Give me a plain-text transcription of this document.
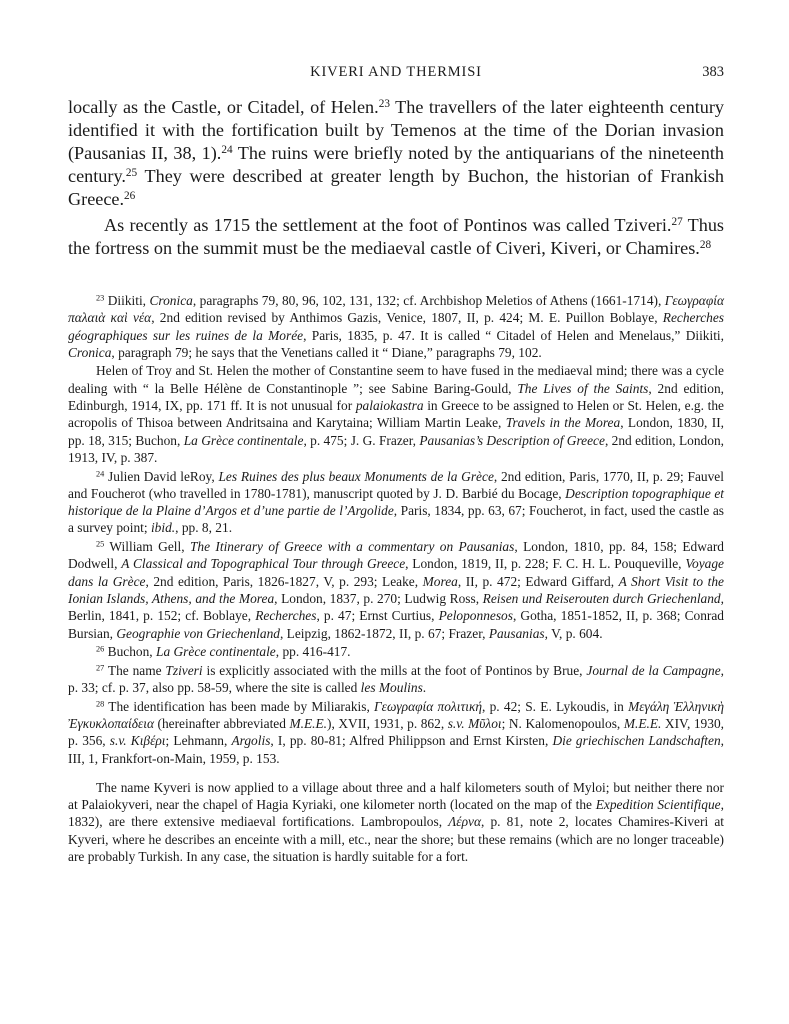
KIVERI AND THERMISI	383

locally as the Castle, or Citadel, of Helen.$^{23}$ The travellers of the later eighteenth century identified it with the fortification built by Temenos at the time of the Dorian invasion (Pausanias II, 38, 1).$^{24}$ The ruins were briefly noted by the antiquarians of the nineteenth century.$^{25}$ They were described at greater length by Buchon, the historian of Frankish Greece.$^{26}$

As recently as 1715 the settlement at the foot of Pontinos was called Tziveri.$^{27}$ Thus the fortress on the summit must be the mediaeval castle of Civeri, Kiveri, or Chamires.$^{28}$

$^{23}$ Diikiti, Cronica, paragraphs 79, 80, 96, 102, 131, 132; cf. Archbishop Meletios of Athens (1661-1714), Γεωγραφία παλαιὰ καὶ νέα, 2nd edition revised by Anthimos Gazis, Venice, 1807, II, p. 424; M. E. Puillon Boblaye, Recherches géographiques sur les ruines de la Morée, Paris, 1835, p. 47. It is called “ Citadel of Helen and Menelaus,” Diikiti, Cronica, paragraph 79; he says that the Venetians called it “ Diane,” paragraphs 79, 102.

Helen of Troy and St. Helen the mother of Constantine seem to have fused in the mediaeval mind; there was a cycle dealing with “ la Belle Hélène de Constantinople ”; see Sabine Baring-Gould, The Lives of the Saints, 2nd edition, Edinburgh, 1914, IX, pp. 171 ff. It is not unusual for palaiokastra in Greece to be assigned to Helen or St. Helen, e.g. the acropolis of Thisoa between Andritsaina and Karytaina; William Martin Leake, Travels in the Morea, London, 1830, II, pp. 18, 315; Buchon, La Grèce continentale, p. 475; J. G. Frazer, Pausanias’s Description of Greece, 2nd edition, London, 1913, IV, p. 387.

$^{24}$ Julien David leRoy, Les Ruines des plus beaux Monuments de la Grèce, 2nd edition, Paris, 1770, II, p. 29; Fauvel and Foucherot (who travelled in 1780-1781), manuscript quoted by J. D. Barbié du Bocage, Description topographique et historique de la Plaine d’Argos et d’une partie de l’Argolide, Paris, 1834, pp. 63, 67; Foucherot, in fact, used the castle as a survey point; ibid., pp. 8, 21.

$^{25}$ William Gell, The Itinerary of Greece with a commentary on Pausanias, London, 1810, pp. 84, 158; Edward Dodwell, A Classical and Topographical Tour through Greece, London, 1819, II, p. 228; F. C. H. L. Pouqueville, Voyage dans la Grèce, 2nd edition, Paris, 1826-1827, V, p. 293; Leake, Morea, II, p. 472; Edward Giffard, A Short Visit to the Ionian Islands, Athens, and the Morea, London, 1837, p. 270; Ludwig Ross, Reisen und Reiserouten durch Griechenland, Berlin, 1841, p. 152; cf. Boblaye, Recherches, p. 47; Ernst Curtius, Peloponnesos, Gotha, 1851-1852, II, p. 368; Conrad Bursian, Geographie von Griechenland, Leipzig, 1862-1872, II, p. 67; Frazer, Pausanias, V, p. 604.

$^{26}$ Buchon, La Grèce continentale, pp. 416-417.

$^{27}$ The name Tziveri is explicitly associated with the mills at the foot of Pontinos by Brue, Journal de la Campagne, p. 33; cf. p. 37, also pp. 58-59, where the site is called les Moulins.

$^{28}$ The identification has been made by Miliarakis, Γεωγραφία πολιτική, p. 42; S. E. Lykoudis, in Μεγάλη Ἑλληνικὴ Ἐγκυκλοπαίδεια (hereinafter abbreviated M.E.E.), XVII, 1931, p. 862, s.v. Μῦλοι; N. Kalomenopoulos, M.E.E. XIV, 1930, p. 356, s.v. Κιβέρι; Lehmann, Argolis, I, pp. 80-81; Alfred Philippson and Ernst Kirsten, Die griechischen Landschaften, III, 1, Frankfort-on-Main, 1959, p. 153.

The name Kyveri is now applied to a village about three and a half kilometers south of Myloi; but neither there nor at Palaiokyveri, near the chapel of Hagia Kyriaki, one kilometer north (located on the map of the Expedition Scientifique, 1832), are there extensive mediaeval fortifications. Lambropoulos, Λέρνα, p. 81, note 2, locates Chamires-Kiveri at Kyveri, where he describes an enceinte with a mill, etc., near the shore; but these remains (which are no longer traceable) are probably Turkish. In any case, the situation is hardly suitable for a fort.
